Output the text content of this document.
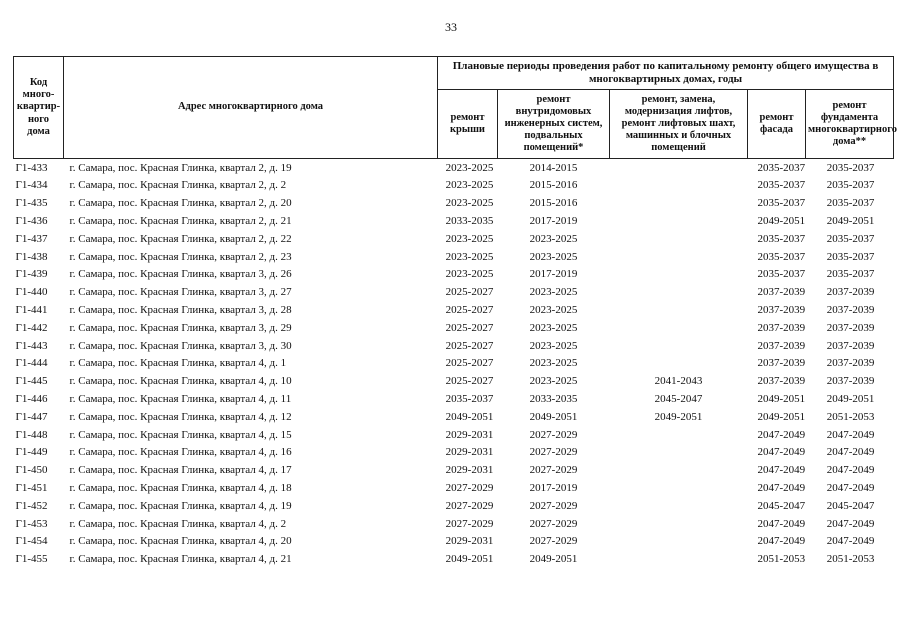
33
Код много-квартир-ного дома	Адрес многоквартирного дома	Плановые периоды проведения работ по капитальному ремонту общего имущества в многоквартирных домах, годы				
		ремонт крыши	ремонт внутридомовых инженерных систем, подвальных помещений*	ремонт, замена, модернизация лифтов, ремонт лифтовых шахт, машинных и блочных помещений	ремонт фасада	ремонт фундамента многоквартирного дома**
Г1-433	г. Самара, пос. Красная Глинка, квартал 2, д. 19	2023-2025	2014-2015		2035-2037	2035-2037
Г1-434	г. Самара, пос. Красная Глинка, квартал 2, д. 2	2023-2025	2015-2016		2035-2037	2035-2037
Г1-435	г. Самара, пос. Красная Глинка, квартал 2, д. 20	2023-2025	2015-2016		2035-2037	2035-2037
Г1-436	г. Самара, пос. Красная Глинка, квартал 2, д. 21	2033-2035	2017-2019		2049-2051	2049-2051
Г1-437	г. Самара, пос. Красная Глинка, квартал 2, д. 22	2023-2025	2023-2025		2035-2037	2035-2037
Г1-438	г. Самара, пос. Красная Глинка, квартал 2, д. 23	2023-2025	2023-2025		2035-2037	2035-2037
Г1-439	г. Самара, пос. Красная Глинка, квартал 3, д. 26	2023-2025	2017-2019		2035-2037	2035-2037
Г1-440	г. Самара, пос. Красная Глинка, квартал 3, д. 27	2025-2027	2023-2025		2037-2039	2037-2039
Г1-441	г. Самара, пос. Красная Глинка, квартал 3, д. 28	2025-2027	2023-2025		2037-2039	2037-2039
Г1-442	г. Самара, пос. Красная Глинка, квартал 3, д. 29	2025-2027	2023-2025		2037-2039	2037-2039
Г1-443	г. Самара, пос. Красная Глинка, квартал 3, д. 30	2025-2027	2023-2025		2037-2039	2037-2039
Г1-444	г. Самара, пос. Красная Глинка, квартал 4, д. 1	2025-2027	2023-2025		2037-2039	2037-2039
Г1-445	г. Самара, пос. Красная Глинка, квартал 4, д. 10	2025-2027	2023-2025	2041-2043	2037-2039	2037-2039
Г1-446	г. Самара, пос. Красная Глинка, квартал 4, д. 11	2035-2037	2033-2035	2045-2047	2049-2051	2049-2051
Г1-447	г. Самара, пос. Красная Глинка, квартал 4, д. 12	2049-2051	2049-2051	2049-2051	2049-2051	2051-2053
Г1-448	г. Самара, пос. Красная Глинка, квартал 4, д. 15	2029-2031	2027-2029		2047-2049	2047-2049
Г1-449	г. Самара, пос. Красная Глинка, квартал 4, д. 16	2029-2031	2027-2029		2047-2049	2047-2049
Г1-450	г. Самара, пос. Красная Глинка, квартал 4, д. 17	2029-2031	2027-2029		2047-2049	2047-2049
Г1-451	г. Самара, пос. Красная Глинка, квартал 4, д. 18	2027-2029	2017-2019		2047-2049	2047-2049
Г1-452	г. Самара, пос. Красная Глинка, квартал 4, д. 19	2027-2029	2027-2029		2045-2047	2045-2047
Г1-453	г. Самара, пос. Красная Глинка, квартал 4, д. 2	2027-2029	2027-2029		2047-2049	2047-2049
Г1-454	г. Самара, пос. Красная Глинка, квартал 4, д. 20	2029-2031	2027-2029		2047-2049	2047-2049
Г1-455	г. Самара, пос. Красная Глинка, квартал 4, д. 21	2049-2051	2049-2051		2051-2053	2051-2053
